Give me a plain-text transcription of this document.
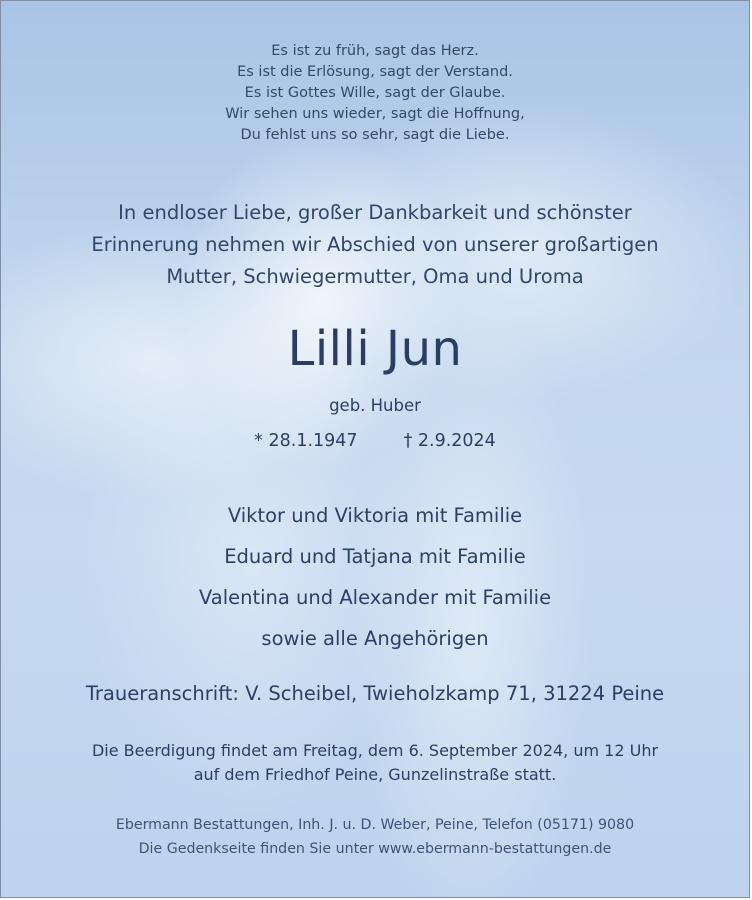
Es ist zu früh, sagt das Herz.
Es ist die Erlösung, sagt der Verstand.
Es ist Gottes Wille, sagt der Glaube.
Wir sehen uns wieder, sagt die Hoffnung,
Du fehlst uns so sehr, sagt die Liebe.
In endloser Liebe, großer Dankbarkeit und schönster
Erinnerung nehmen wir Abschied von unserer großartigen
Mutter, Schwiegermutter, Oma und Uroma
Lilli Jun
geb. Huber
* 28.1.1947	† 2.9.2024
Viktor und Viktoria mit Familie
Eduard und Tatjana mit Familie
Valentina und Alexander mit Familie
sowie alle Angehörigen
Traueranschrift: V. Scheibel, Twieholzkamp 71, 31224 Peine
Die Beerdigung findet am Freitag, dem 6. September 2024, um 12 Uhr
auf dem Friedhof Peine, Gunzelinstraße statt.
Ebermann Bestattungen, Inh. J. u. D. Weber, Peine, Telefon (05171) 9080
Die Gedenkseite finden Sie unter www.ebermann-bestattungen.de
